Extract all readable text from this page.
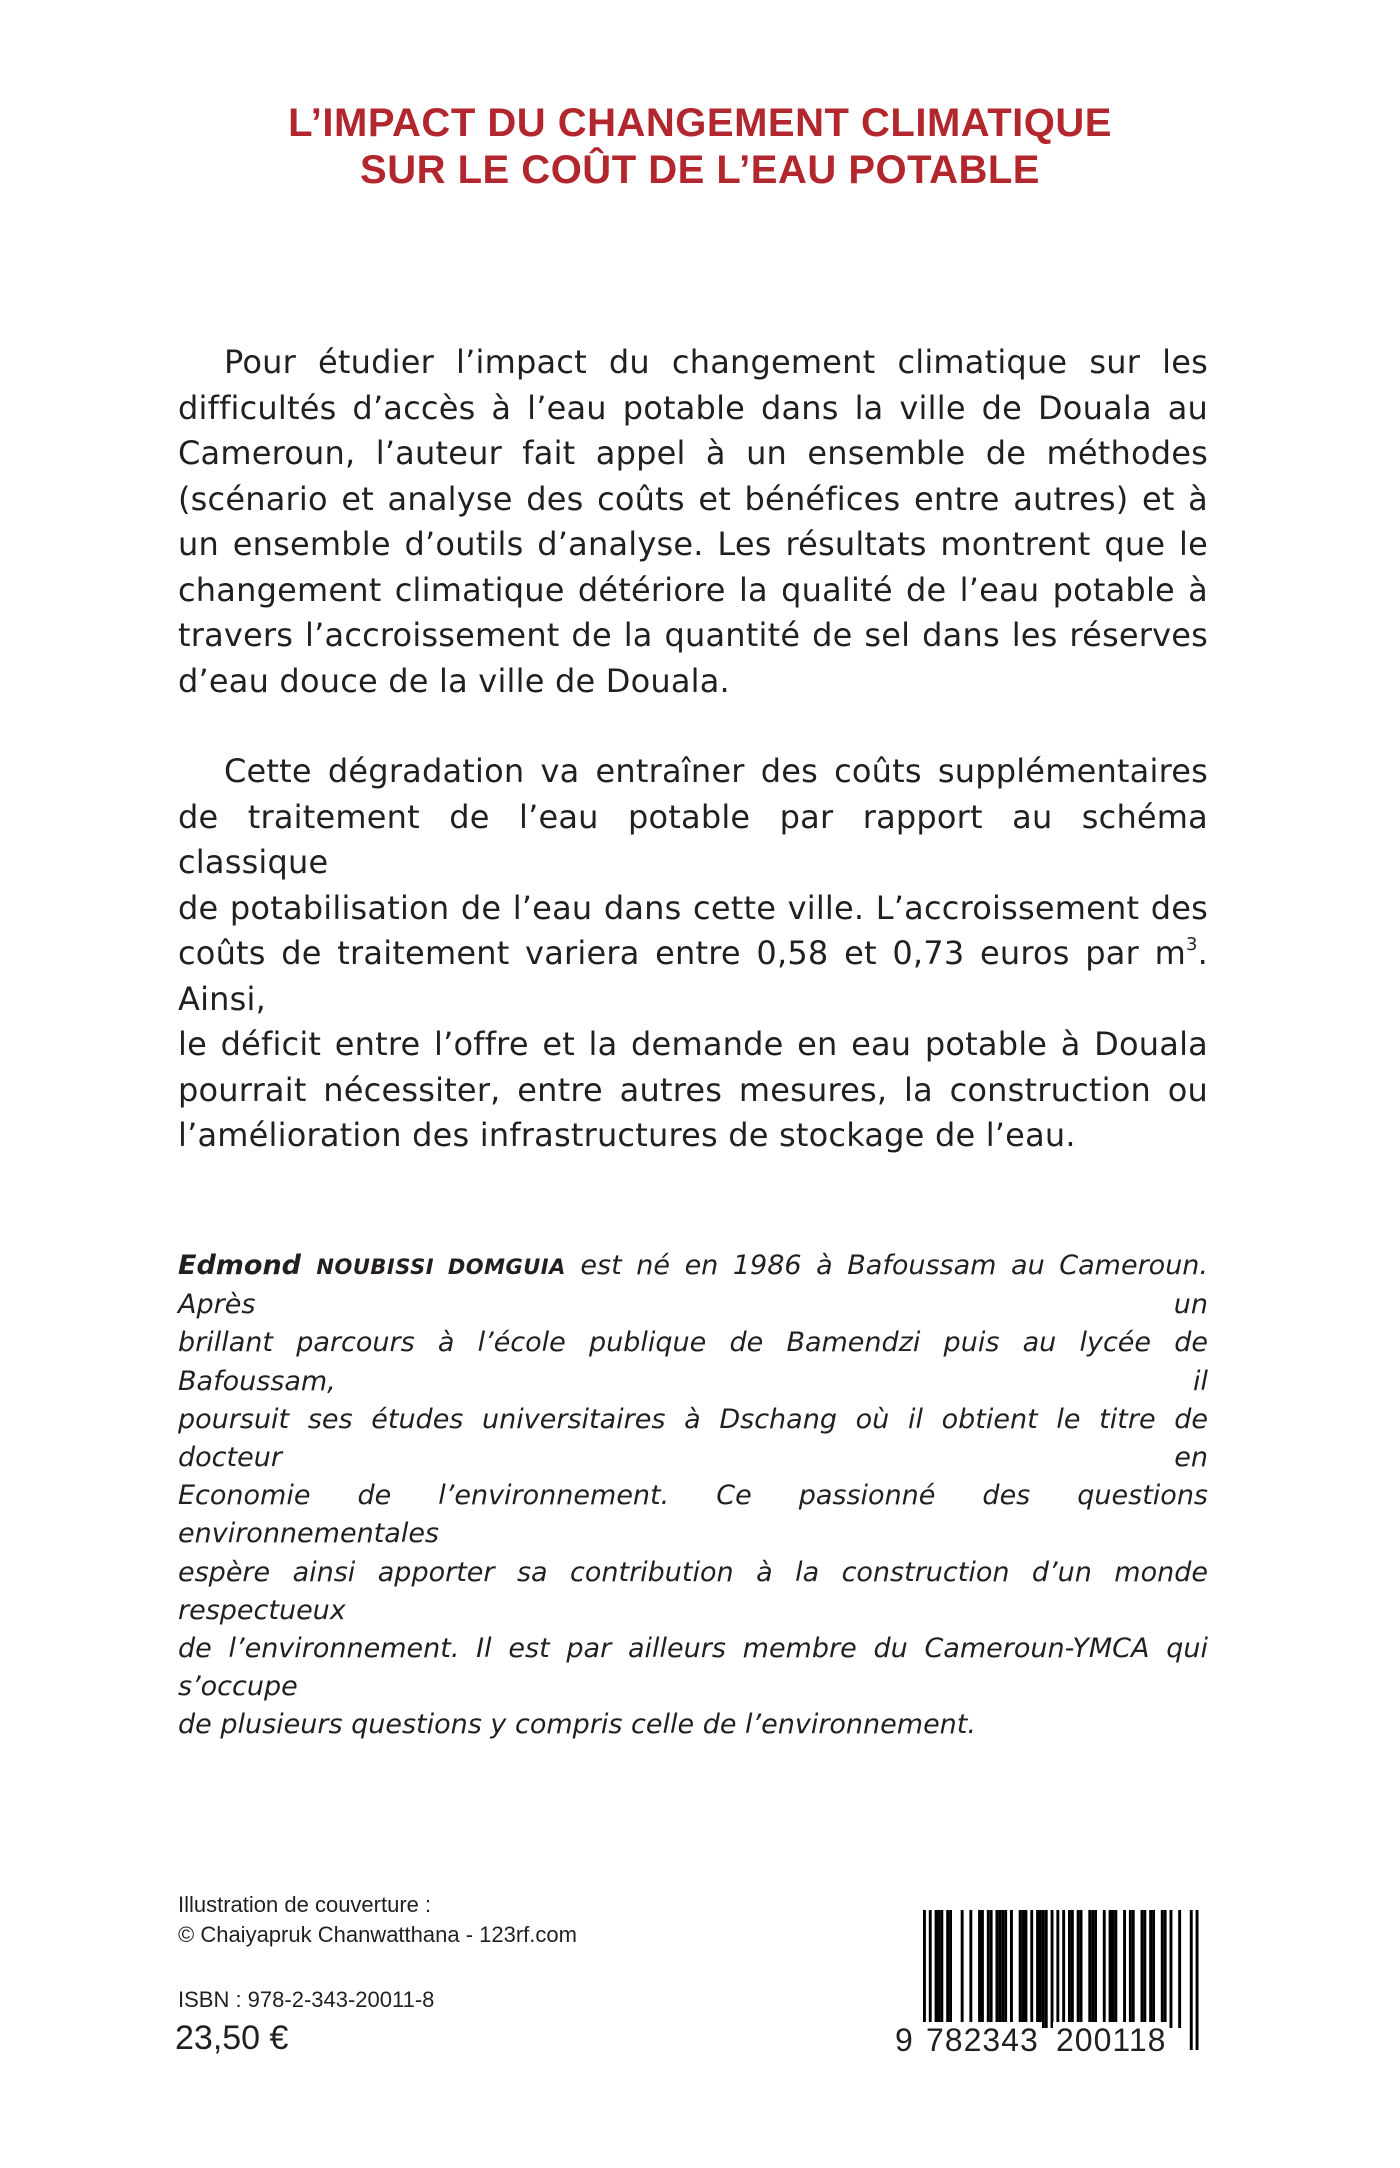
L’IMPACT DU CHANGEMENT CLIMATIQUE
SUR LE COÛT DE L’EAU POTABLE

Pour étudier l’impact du changement climatique sur les
difficultés d’accès à l’eau potable dans la ville de Douala au
Cameroun, l’auteur fait appel à un ensemble de méthodes
(scénario et analyse des coûts et bénéfices entre autres) et à
un ensemble d’outils d’analyse. Les résultats montrent que le
changement climatique détériore la qualité de l’eau potable à
travers l’accroissement de la quantité de sel dans les réserves
d’eau douce de la ville de Douala.

Cette dégradation va entraîner des coûts supplémentaires
de traitement de l’eau potable par rapport au schéma classique
de potabilisation de l’eau dans cette ville. L’accroissement des
coûts de traitement variera entre 0,58 et 0,73 euros par $m^3$. Ainsi,
le déficit entre l’offre et la demande en eau potable à Douala
pourrait nécessiter, entre autres mesures, la construction ou
l’amélioration des infrastructures de stockage de l’eau.

Edmond NOUBISSI DOMGUIA est né en 1986 à Bafoussam au Cameroun. Après un
brillant parcours à l’école publique de Bamendzi puis au lycée de Bafoussam, il
poursuit ses études universitaires à Dschang où il obtient le titre de docteur en
Economie de l’environnement. Ce passionné des questions environnementales
espère ainsi apporter sa contribution à la construction d’un monde respectueux
de l’environnement. Il est par ailleurs membre du Cameroun-YMCA qui s’occupe
de plusieurs questions y compris celle de l’environnement.
Illustration de couverture :
© Chaiyapruk Chanwatthana - 123rf.com
ISBN : 978-2-343-20011-8
23,50 €	9 782343 200118
